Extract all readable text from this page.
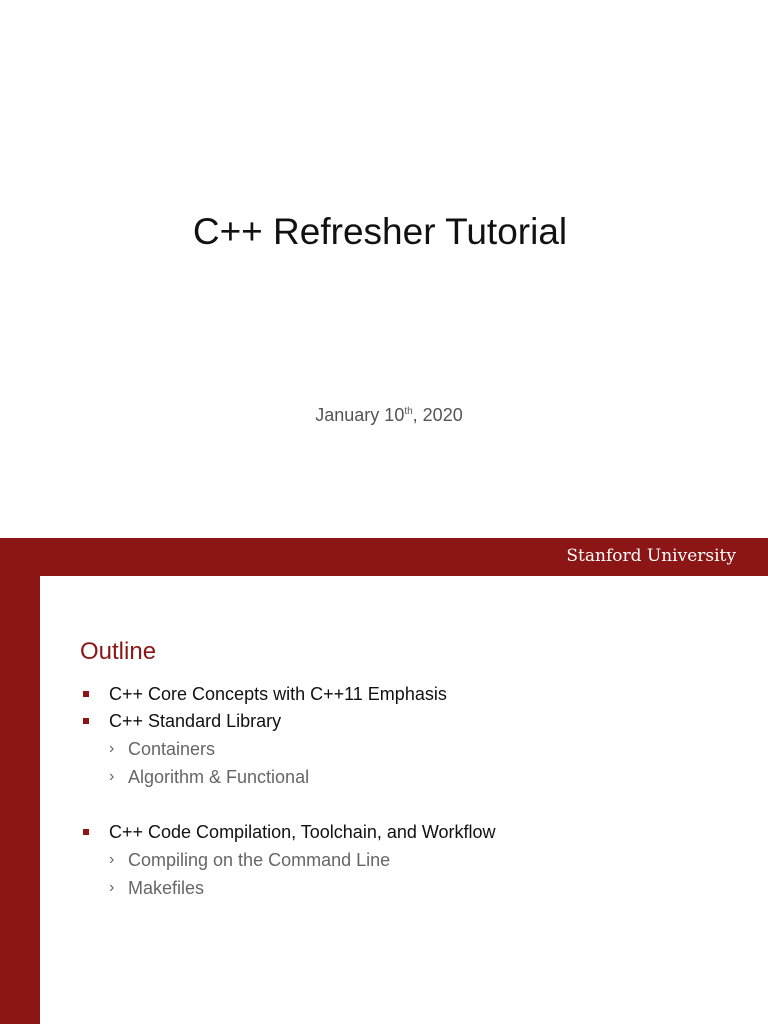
C++ Refresher Tutorial
January 10th, 2020
Stanford University
Outline
C++ Core Concepts with C++11 Emphasis
C++ Standard Library
› Containers
› Algorithm & Functional
C++ Code Compilation, Toolchain, and Workflow
› Compiling on the Command Line
› Makefiles
